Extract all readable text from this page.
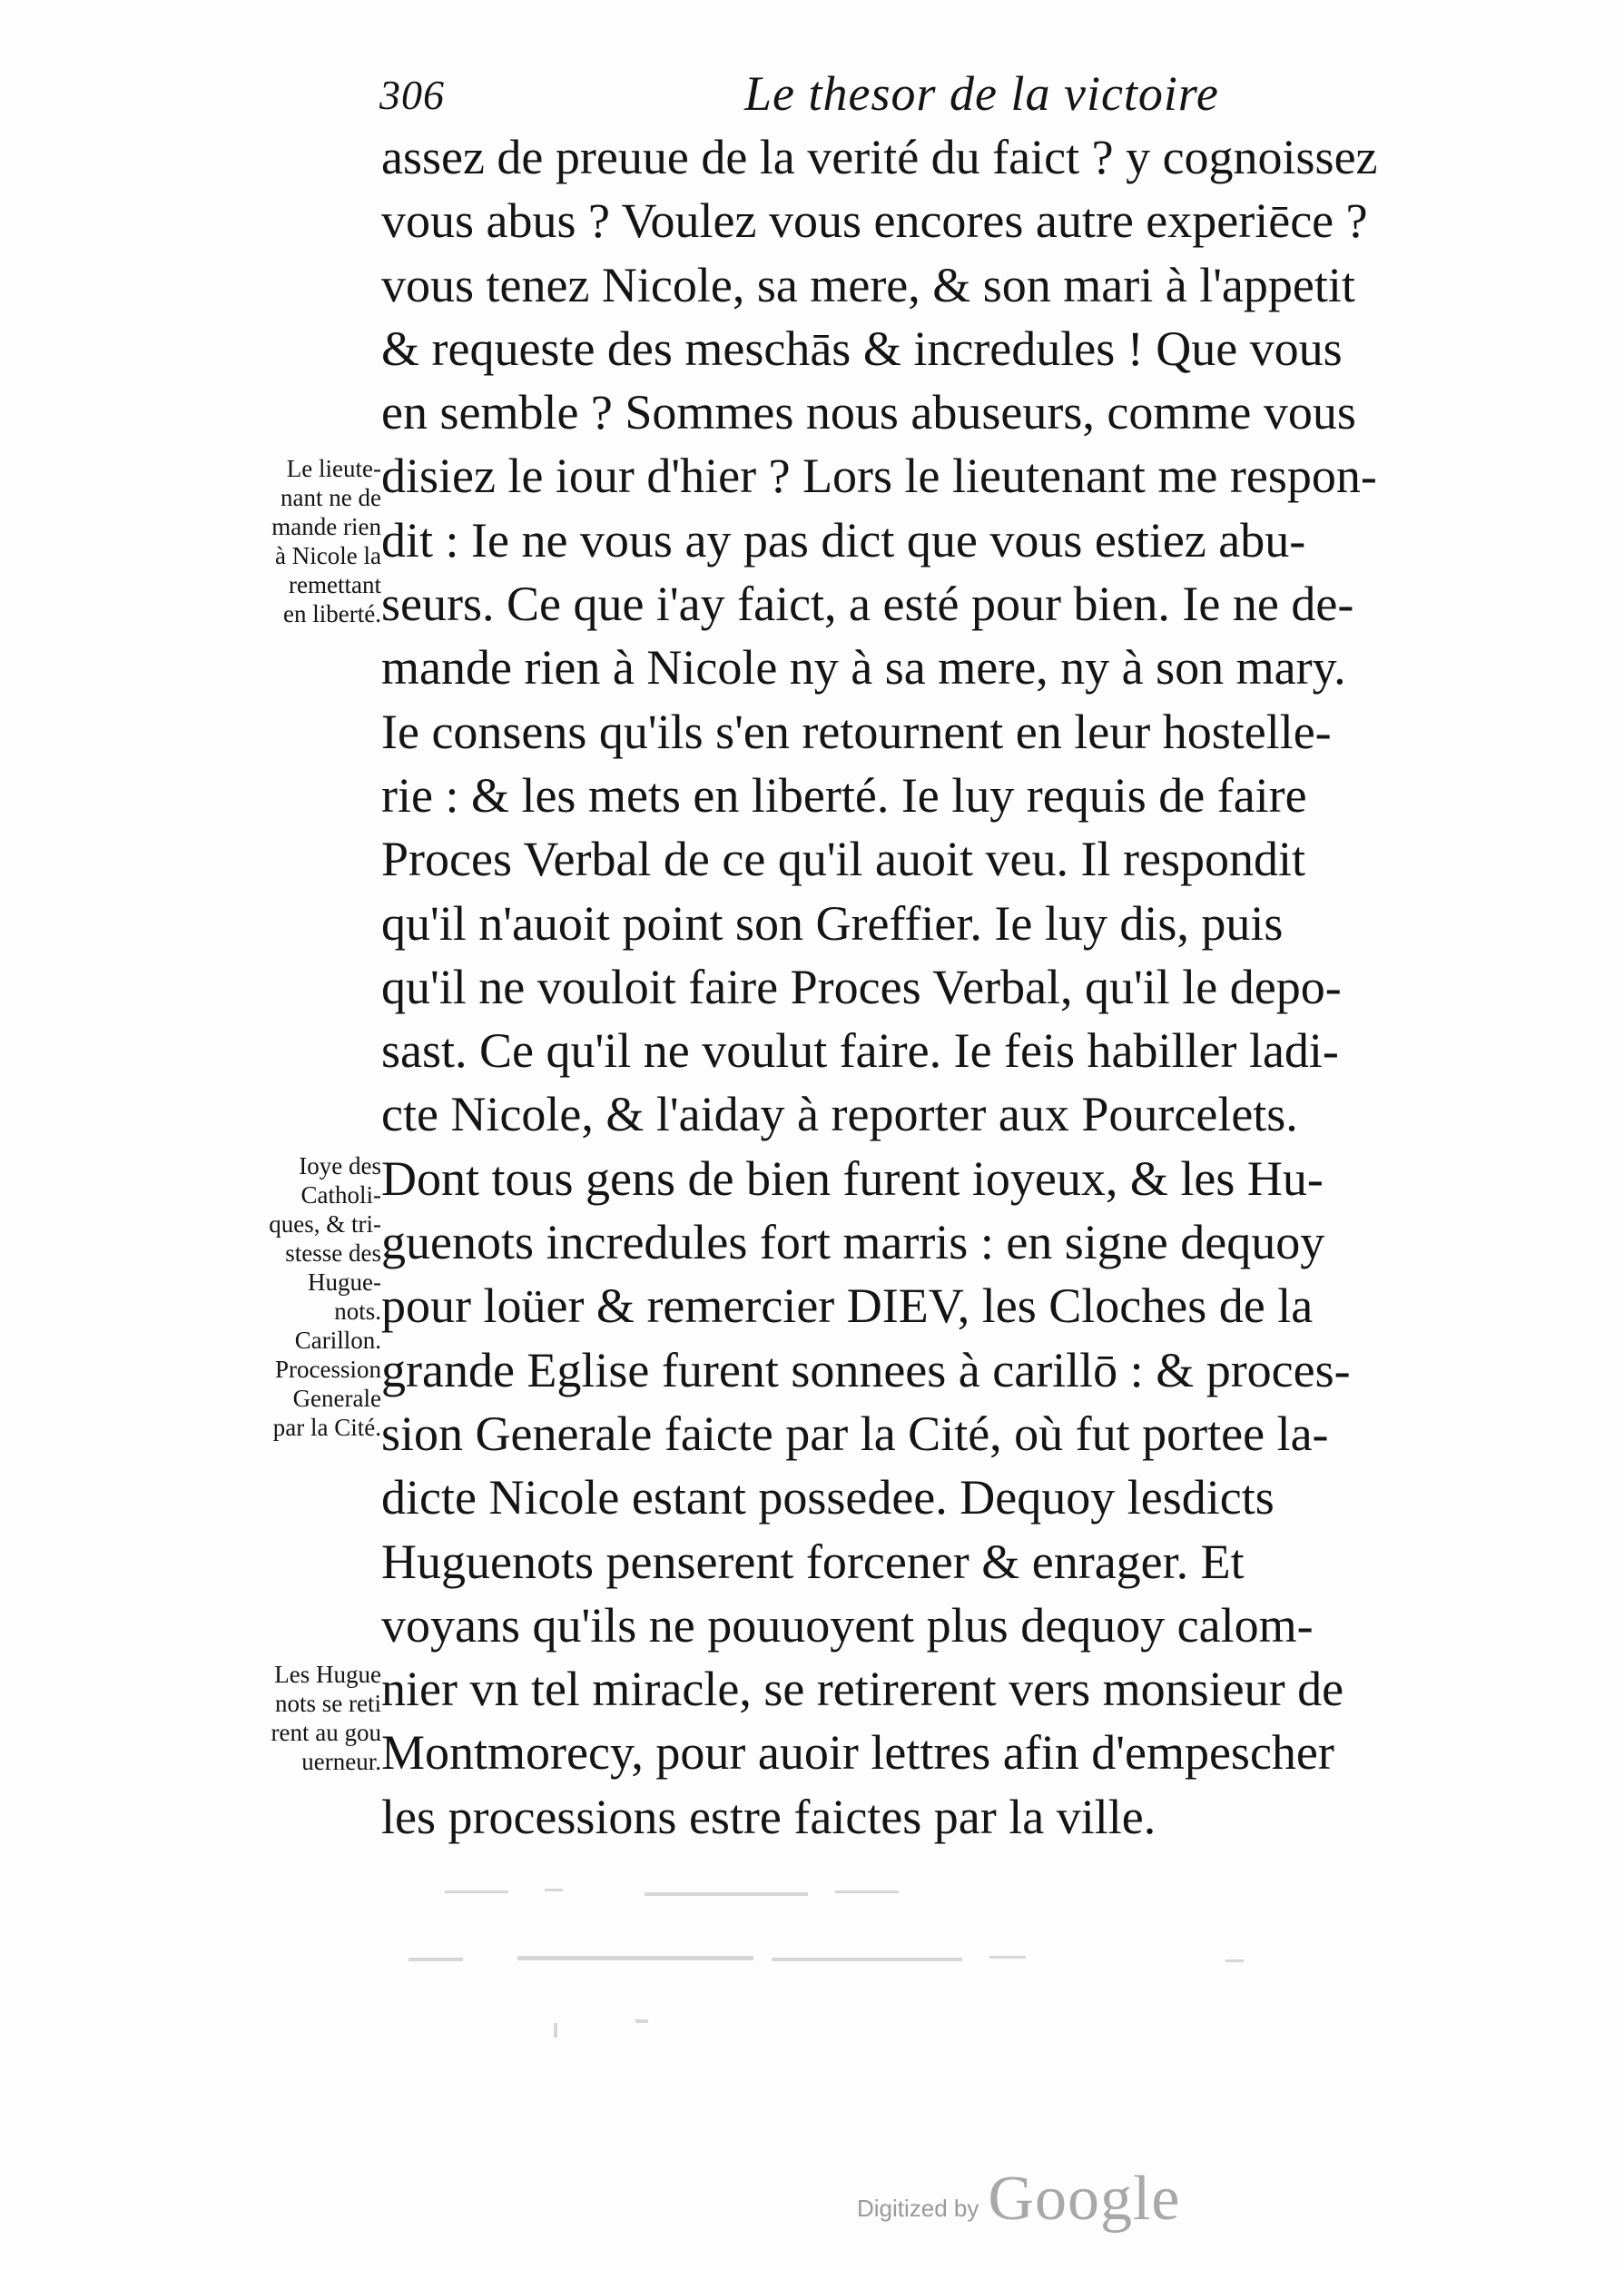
306	Le thesor de la victoire
assez de preuue de la verité du faict ? y cognoissez
vous abus ? Voulez vous encores autre experiēce ?
vous tenez Nicole, sa mere, & son mari à l'appetit
& requeste des meschās & incredules ! Que vous
en semble ? Sommes nous abuseurs, comme vous
disiez le iour d'hier ? Lors le lieutenant me respon-
dit : Ie ne vous ay pas dict que vous estiez abu-
seurs. Ce que i'ay faict, a esté pour bien. Ie ne de-
mande rien à Nicole ny à sa mere, ny à son mary.
Ie consens qu'ils s'en retournent en leur hostelle-
rie : & les mets en liberté. Ie luy requis de faire
Proces Verbal de ce qu'il auoit veu. Il respondit
qu'il n'auoit point son Greffier. Ie luy dis, puis
qu'il ne vouloit faire Proces Verbal, qu'il le depo-
sast. Ce qu'il ne voulut faire. Ie feis habiller ladi-
cte Nicole, & l'aiday à reporter aux Pourcelets.
Dont tous gens de bien furent ioyeux, & les Hu-
guenots incredules fort marris : en signe dequoy
pour loüer & remercier DIEV, les Cloches de la
grande Eglise furent sonnees à carillō : & proces-
sion Generale faicte par la Cité, où fut portee la-
dicte Nicole estant possedee. Dequoy lesdicts
Huguenots penserent forcener & enrager. Et
voyans qu'ils ne pouuoyent plus dequoy calom-
nier vn tel miracle, se retirerent vers monsieur de
Montmorecy, pour auoir lettres afin d'empescher
les processions estre faictes par la ville.
Le lieute-
nant ne de
mande rien
à Nicole la
remettant
en liberté.
Ioye des
Catholi-
ques, & tri-
stesse des
Hugue-
nots.
Carillon.
Procession
Generale
par la Cité.
Les Hugue
nots se reti
rent au gou
uerneur.
Digitized by Google
